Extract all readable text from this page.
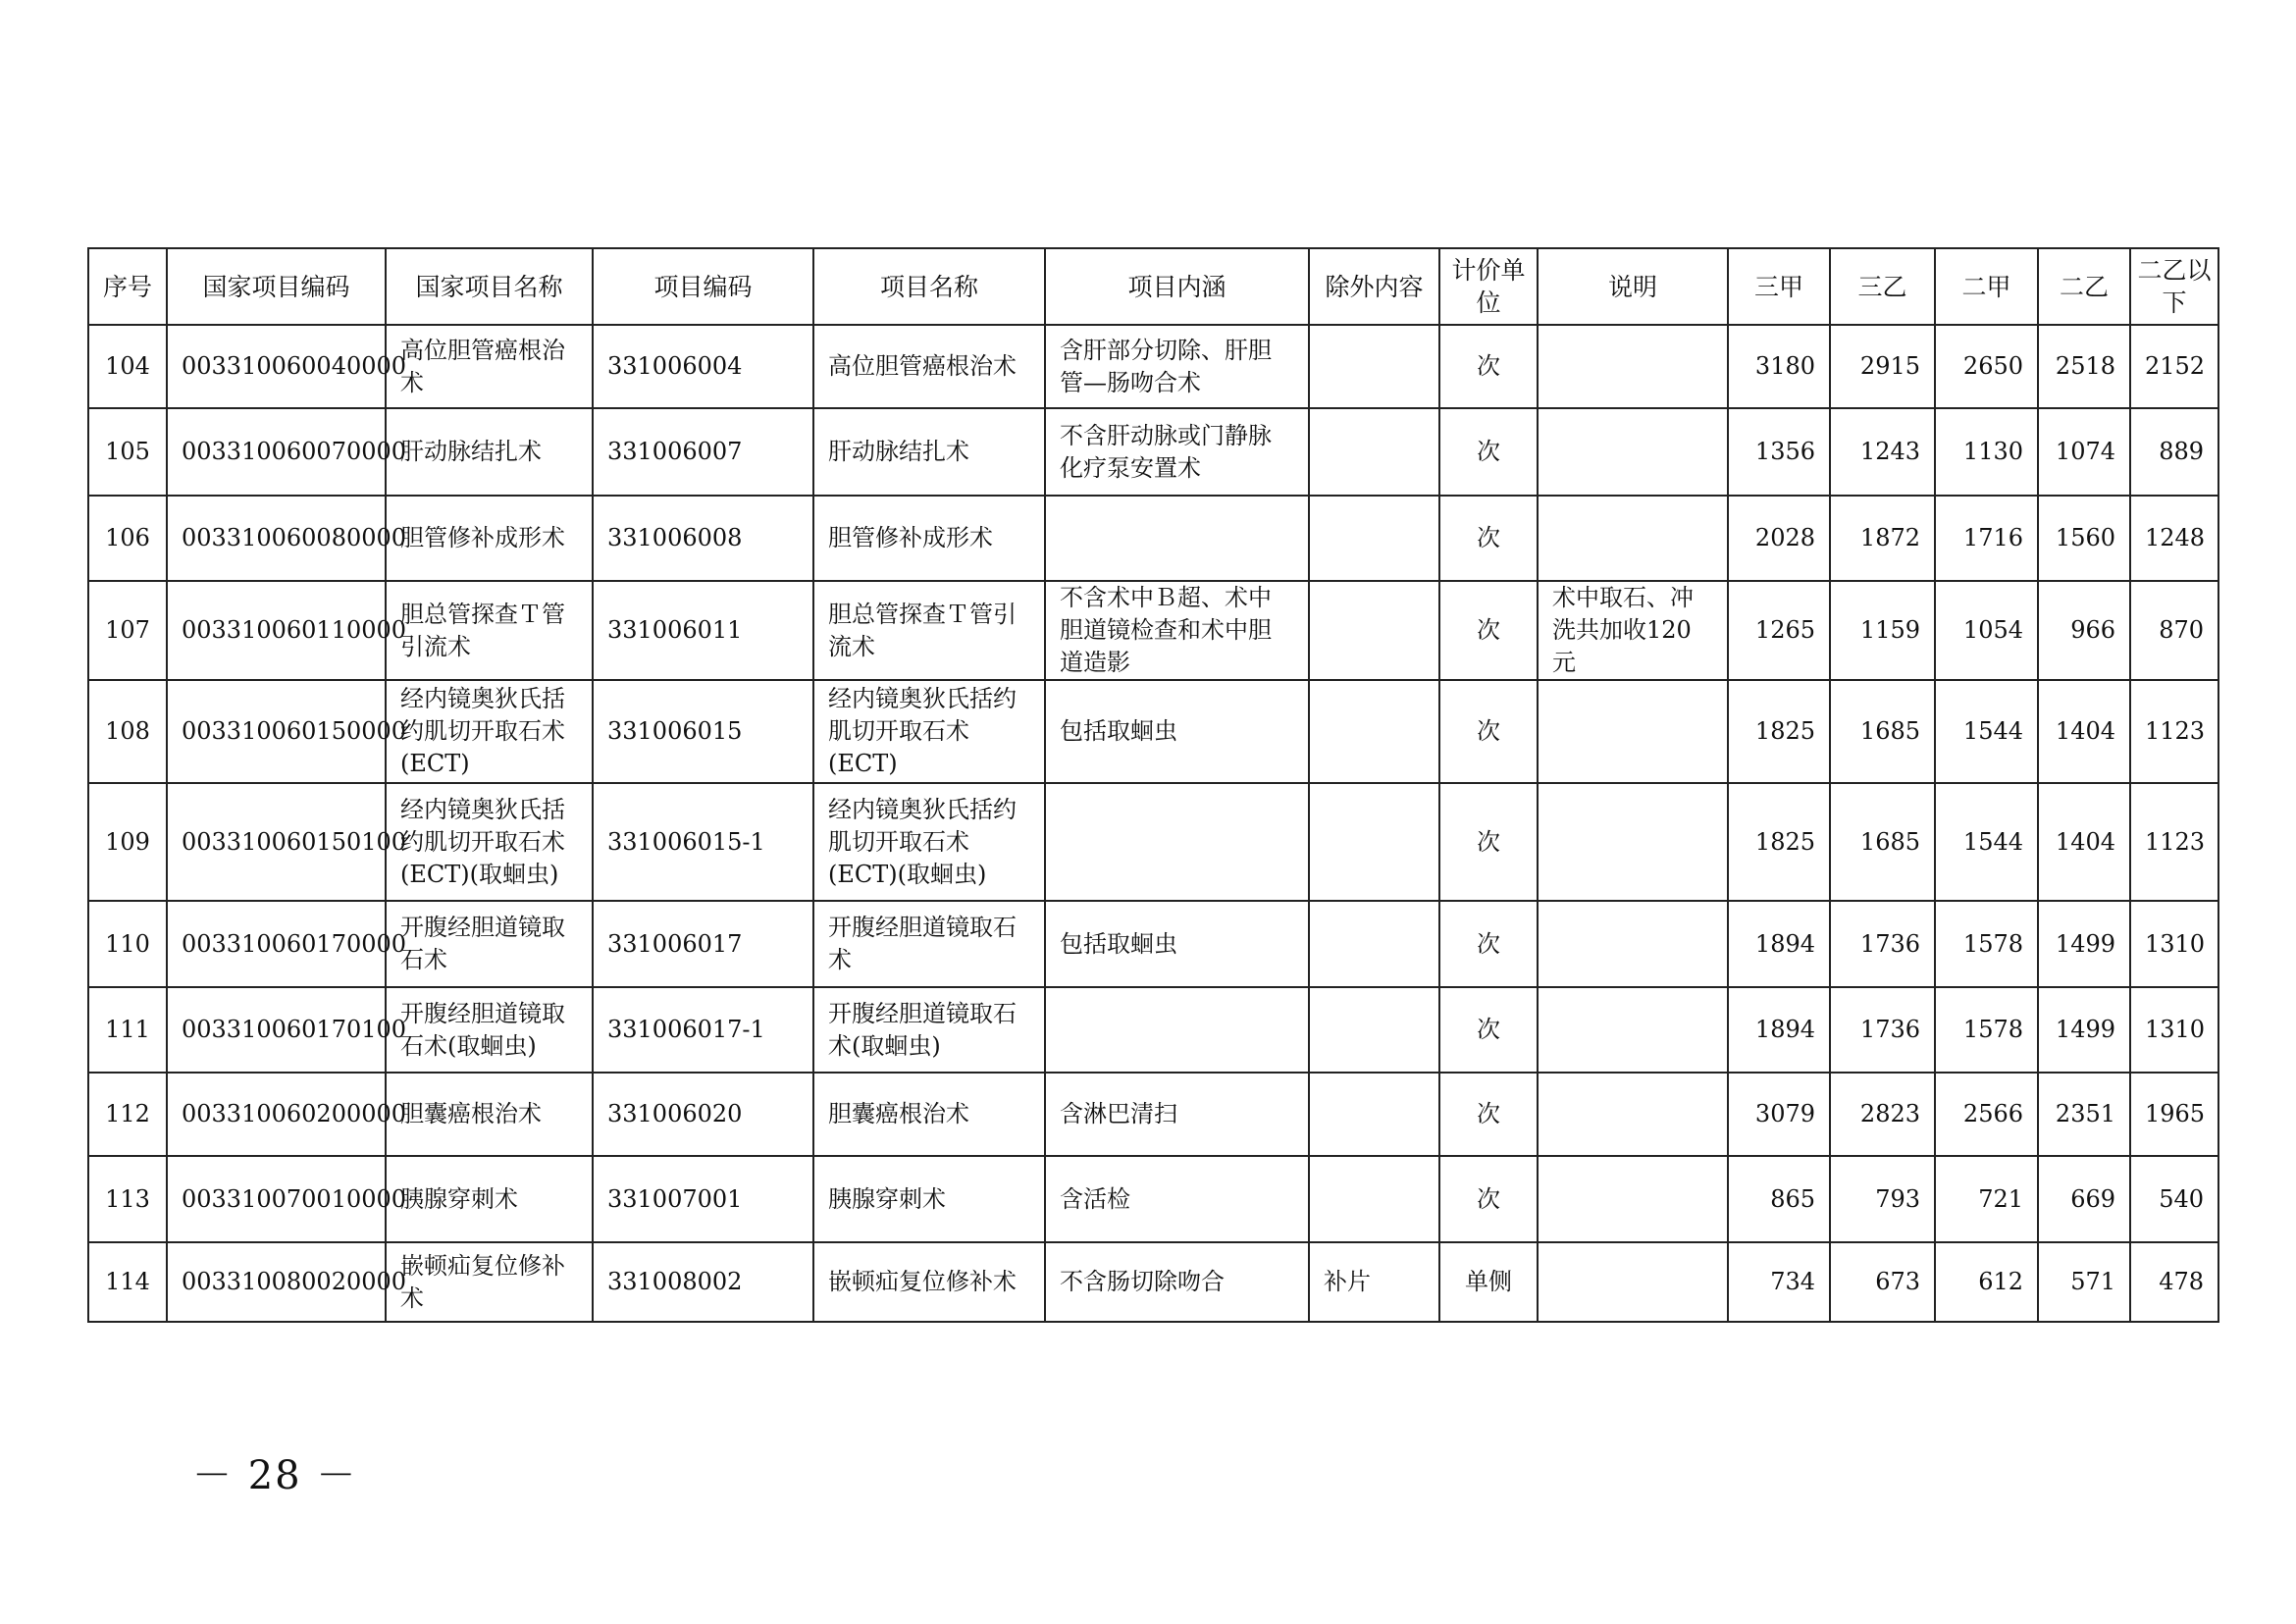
序号	国家项目编码	国家项目名称	项目编码	项目名称	项目内涵	除外内容	计价单位	说明	三甲	三乙	二甲	二乙	二乙以下
104	003310060040000	高位胆管癌根治术	331006004	高位胆管癌根治术	含肝部分切除、肝胆管—肠吻合术		次		3180	2915	2650	2518	2152
105	003310060070000	肝动脉结扎术	331006007	肝动脉结扎术	不含肝动脉或门静脉化疗泵安置术		次		1356	1243	1130	1074	889
106	003310060080000	胆管修补成形术	331006008	胆管修补成形术			次		2028	1872	1716	1560	1248
107	003310060110000	胆总管探查Ｔ管引流术	331006011	胆总管探查Ｔ管引流术	不含术中Ｂ超、术中胆道镜检查和术中胆道造影		次	术中取石、冲洗共加收120元	1265	1159	1054	966	870
108	003310060150000	经内镜奥狄氏括约肌切开取石术(ECT)	331006015	经内镜奥狄氏括约肌切开取石术(ECT)	包括取蛔虫		次		1825	1685	1544	1404	1123
109	003310060150100	经内镜奥狄氏括约肌切开取石术(ECT)(取蛔虫)	331006015-1	经内镜奥狄氏括约肌切开取石术(ECT)(取蛔虫)			次		1825	1685	1544	1404	1123
110	003310060170000	开腹经胆道镜取石术	331006017	开腹经胆道镜取石术	包括取蛔虫		次		1894	1736	1578	1499	1310
111	003310060170100	开腹经胆道镜取石术(取蛔虫)	331006017-1	开腹经胆道镜取石术(取蛔虫)			次		1894	1736	1578	1499	1310
112	003310060200000	胆囊癌根治术	331006020	胆囊癌根治术	含淋巴清扫		次		3079	2823	2566	2351	1965
113	003310070010000	胰腺穿刺术	331007001	胰腺穿刺术	含活检		次		865	793	721	669	540
114	003310080020000	嵌顿疝复位修补术	331008002	嵌顿疝复位修补术	不含肠切除吻合	补片	单侧		734	673	612	571	478
－ 28 －
